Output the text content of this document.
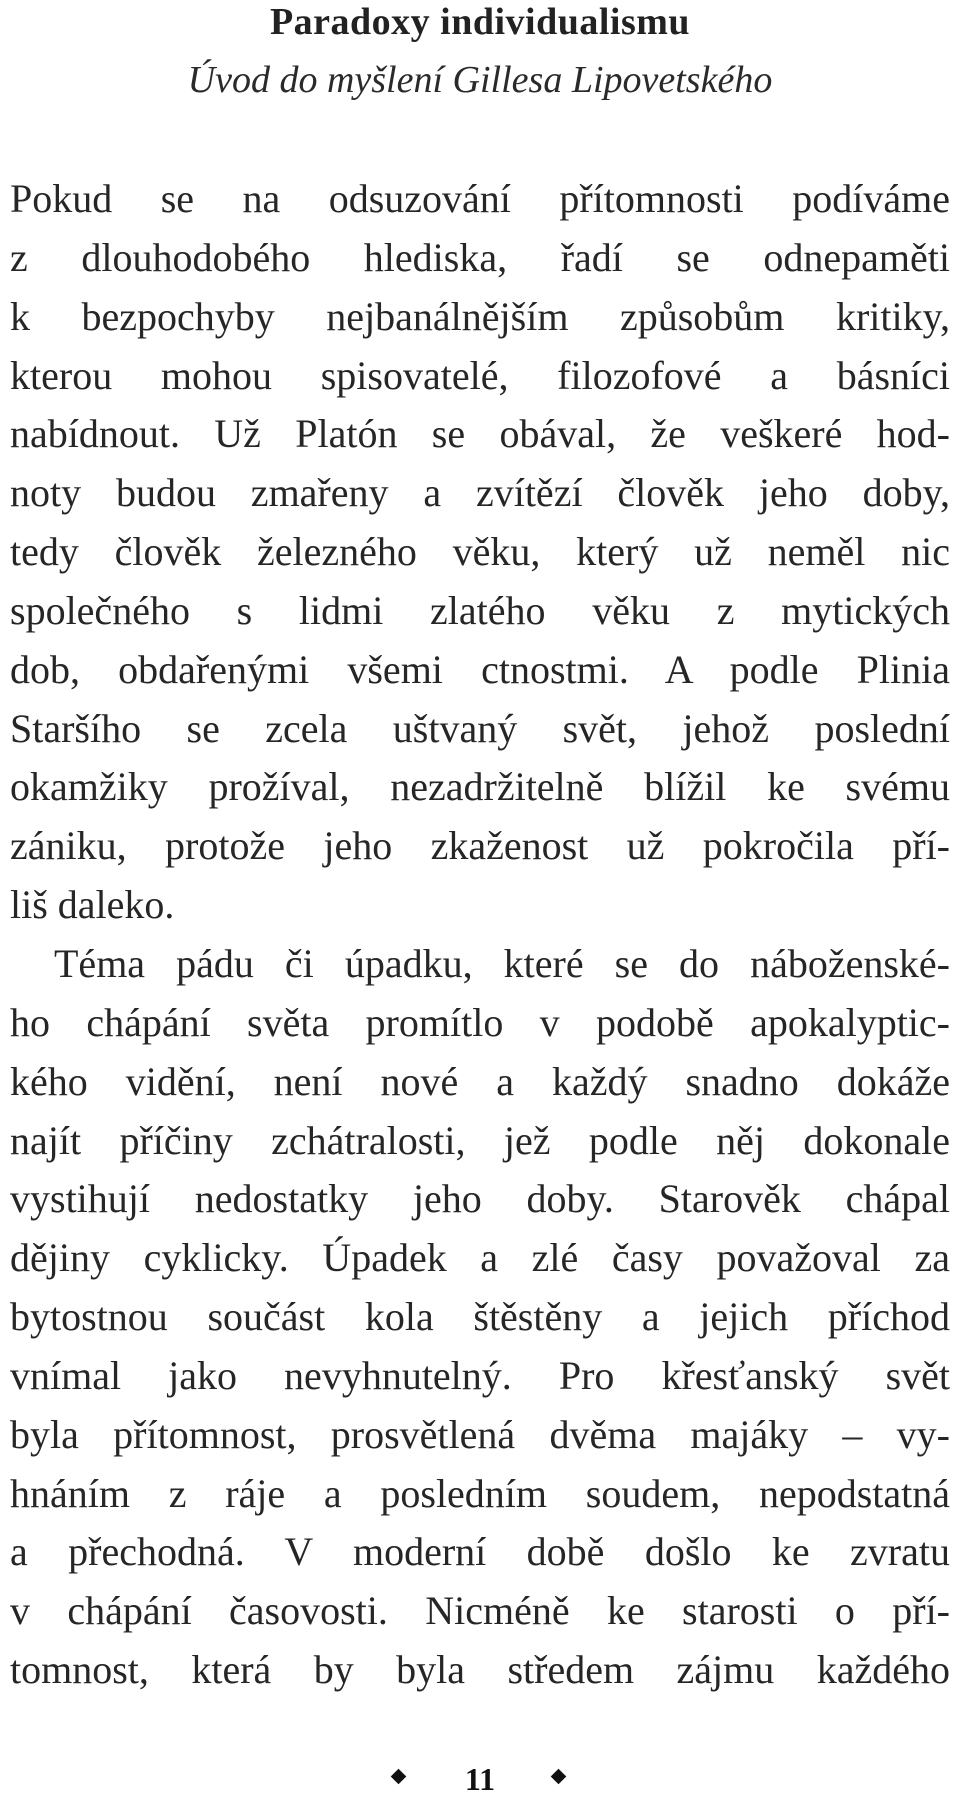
Paradoxy individualismu
Úvod do myšlení Gillesa Lipovetského
Pokud se na odsuzování přítomnosti podíváme
z dlouhodobého hlediska, řadí se odnepaměti
k bezpochyby nejbanálnějším způsobům kritiky,
kterou mohou spisovatelé, filozofové a básníci
nabídnout. Už Platón se obával, že veškeré hod-
noty budou zmařeny a zvítězí člověk jeho doby,
tedy člověk železného věku, který už neměl nic
společného s lidmi zlatého věku z mytických
dob, obdařenými všemi ctnostmi. A podle Plinia
Staršího se zcela uštvaný svět, jehož poslední
okamžiky prožíval, nezadržitelně blížil ke svému
zániku, protože jeho zkaženost už pokročila pří-
liš daleko.
Téma pádu či úpadku, které se do náboženské-
ho chápání světa promítlo v podobě apokalyptic-
kého vidění, není nové a každý snadno dokáže
najít příčiny zchátralosti, jež podle něj dokonale
vystihují nedostatky jeho doby. Starověk chápal
dějiny cyklicky. Úpadek a zlé časy považoval za
bytostnou součást kola štěstěny a jejich příchod
vnímal jako nevyhnutelný. Pro křesťanský svět
byla přítomnost, prosvětlená dvěma majáky – vy-
hnáním z ráje a posledním soudem, nepodstatná
a přechodná. V moderní době došlo ke zvratu
v chápání časovosti. Nicméně ke starosti o pří-
tomnost, která by byla středem zájmu každého
11
